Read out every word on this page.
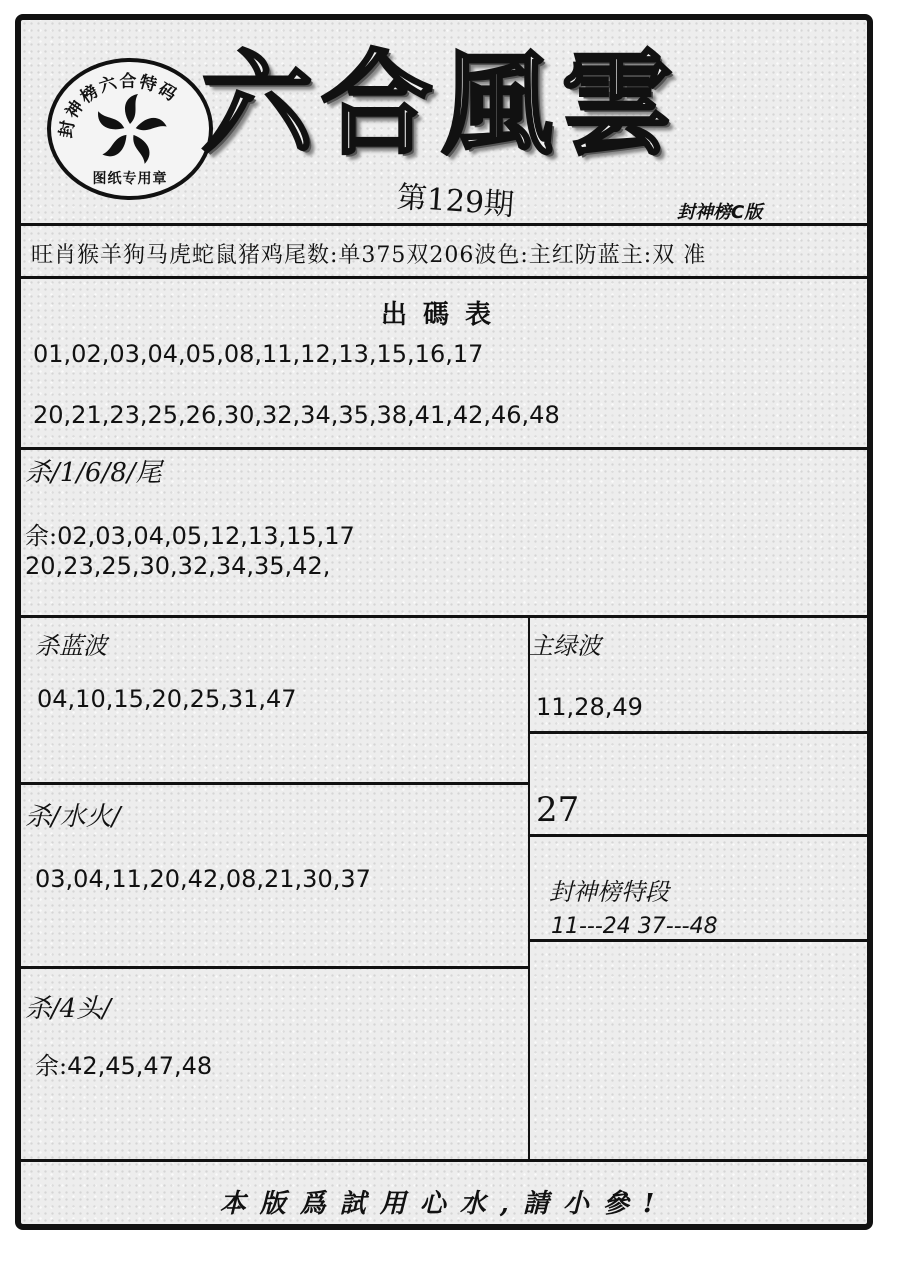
封神榜六合特码
图纸专用章
六合風雲
第129期	封神榜C版
旺肖猴羊狗马虎蛇鼠猪鸡尾数:单375双206波色:主红防蓝主:双 准
出碼表
01,02,03,04,05,08,11,12,13,15,16,17
20,21,23,25,26,30,32,34,35,38,41,42,46,48
杀/1/6/8/尾
余:02,03,04,05,12,13,15,17
20,23,25,30,32,34,35,42,
杀蓝波
04,10,15,20,25,31,47
主绿波
11,28,49
27
杀/水火/
03,04,11,20,42,08,21,30,37	封神榜特段
11---24 37---48
杀/4头/
余:42,45,47,48
本版爲試用心水,請小參!
